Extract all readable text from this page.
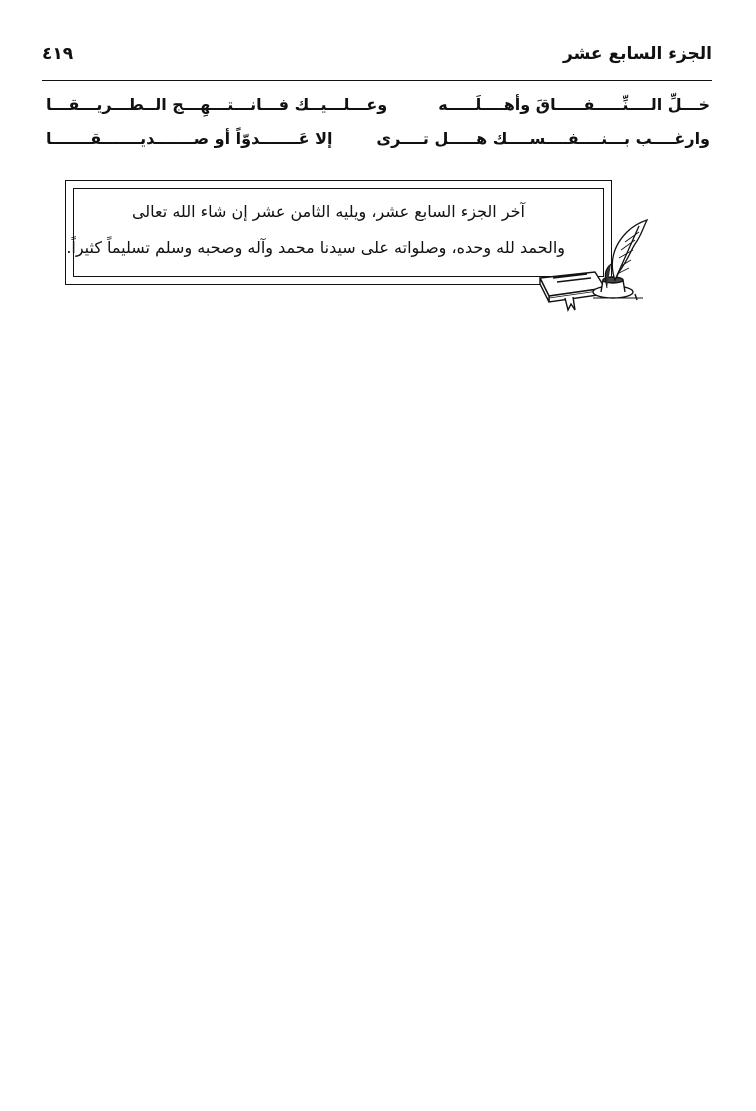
٤١٩	الجزء السابع عشر
خـــلِّ الــــنِّـــــفـــــاقَ وأهــــلَـــــه
وعـــلـــيــك فـــانـــتـــهِـــج الــطـــريـــقـــا
وارغــــب بـــنــــفــــســــك هـــــل تــــرى
إلا عَـــــــدوّاً أو صـــــــديـــــــقـــــــا
آخر الجزء السابع عشر، ويليه الثامن عشر إن شاء الله تعالى
والحمد لله وحده، وصلواته على سيدنا محمد وآله وصحبه وسلم تسليماً كثيراً.
